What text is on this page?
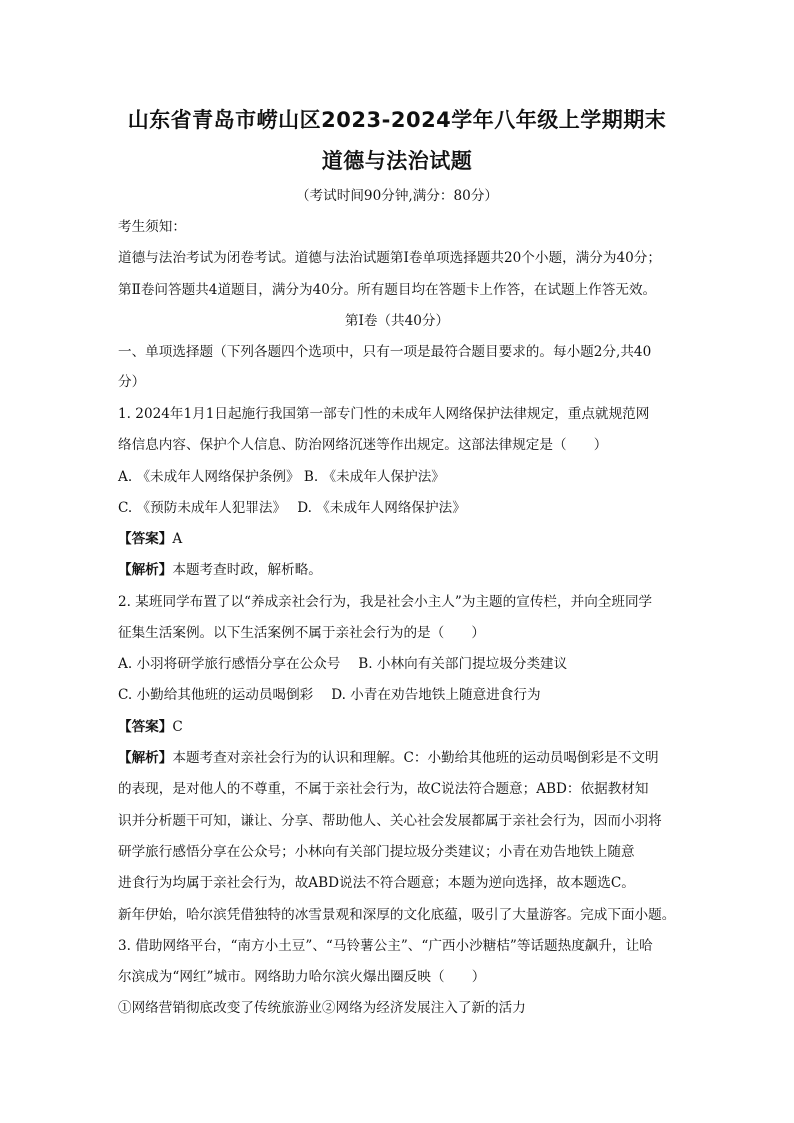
山东省青岛市崂山区2023-2024学年八年级上学期期末
道德与法治试题
（考试时间90分钟,满分：80分）
考生须知：
道德与法治考试为闭卷考试。道德与法治试题第Ⅰ卷单项选择题共20个小题，满分为40分；
第Ⅱ卷问答题共4道题目，满分为40分。所有题目均在答题卡上作答，在试题上作答无效。
第Ⅰ卷（共40分）
一、单项选择题（下列各题四个选项中，只有一项是最符合题目要求的。每小题2分,共40
分）
1. 2024年1月1日起施行我国第一部专门性的未成年人网络保护法律规定，重点就规范网
络信息内容、保护个人信息、防治网络沉迷等作出规定。这部法律规定是（　　）
A. 《未成年人网络保护条例》 B. 《未成年人保护法》
C. 《预防未成年人犯罪法》　 D. 《未成年人网络保护法》
【答案】A
【解析】本题考查时政，解析略。
2. 某班同学布置了以“养成亲社会行为，我是社会小主人”为主题的宣传栏，并向全班同学
征集生活案例。以下生活案例不属于亲社会行为的是（　　）
A. 小羽将研学旅行感悟分享在公众号　 B. 小林向有关部门提垃圾分类建议
C. 小勤给其他班的运动员喝倒彩　 D. 小青在劝告地铁上随意进食行为
【答案】C
【解析】本题考查对亲社会行为的认识和理解。C：小勤给其他班的运动员喝倒彩是不文明
的表现，是对他人的不尊重，不属于亲社会行为，故C说法符合题意；ABD：依据教材知
识并分析题干可知，谦让、分享、帮助他人、关心社会发展都属于亲社会行为，因而小羽将
研学旅行感悟分享在公众号；小林向有关部门提垃圾分类建议；小青在劝告地铁上随意
进食行为均属于亲社会行为，故ABD说法不符合题意；本题为逆向选择，故本题选C。
新年伊始，哈尔滨凭借独特的冰雪景观和深厚的文化底蕴，吸引了大量游客。完成下面小题。
3. 借助网络平台，“南方小土豆”、“马铃薯公主”、“广西小沙糖桔”等话题热度飙升，让哈
尔滨成为“网红”城市。网络助力哈尔滨火爆出圈反映（　　）
①网络营销彻底改变了传统旅游业②网络为经济发展注入了新的活力
